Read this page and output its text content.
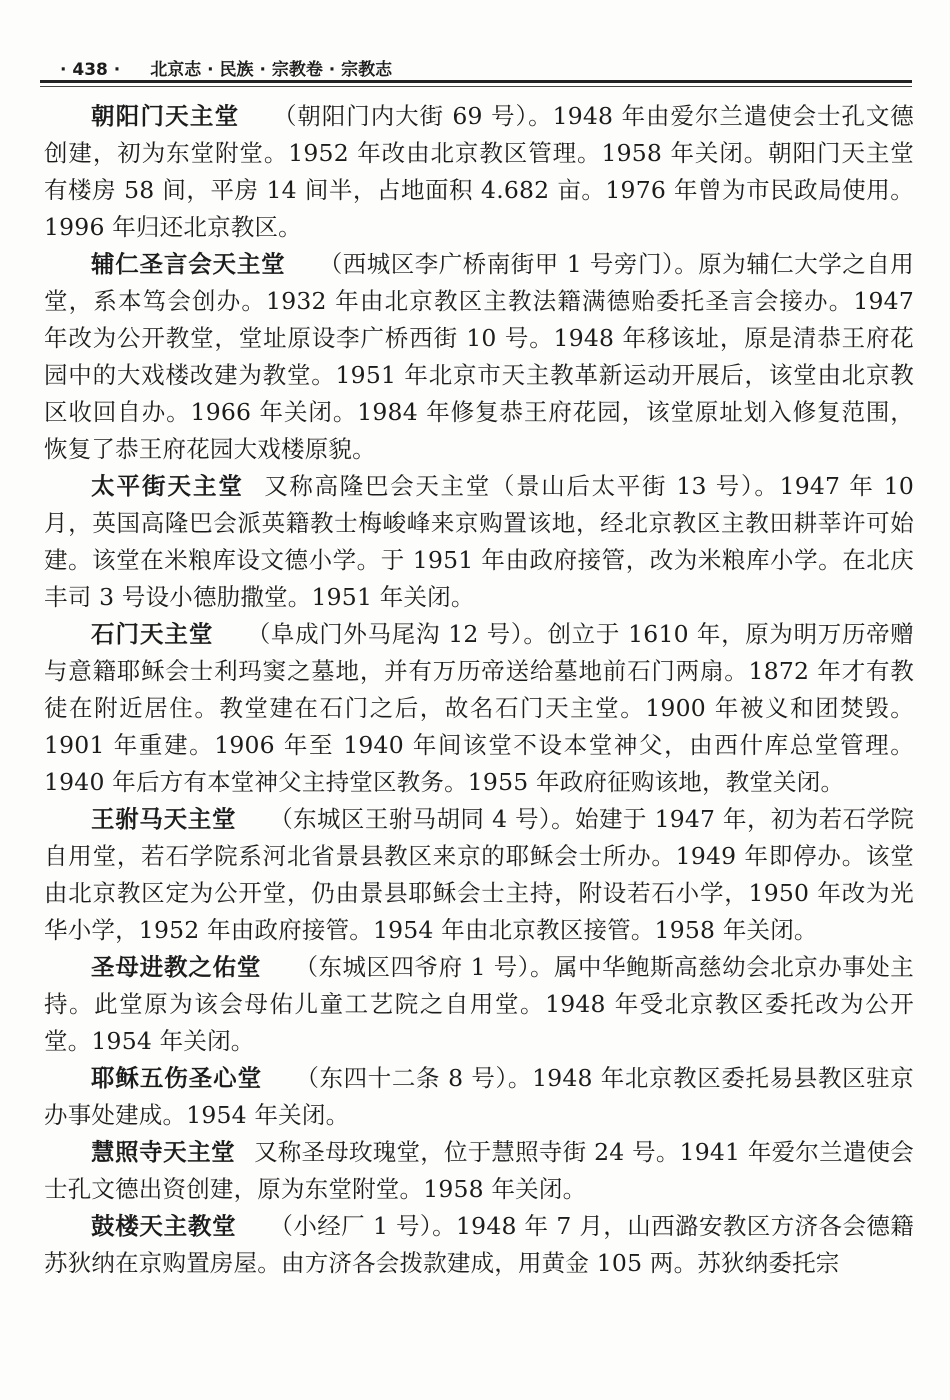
· 438 · 北京志 · 民族 · 宗教卷 · 宗教志

朝阳门天主堂 （朝阳门内大街 69 号）。1948 年由爱尔兰遣使会士孔文德创建，初为东堂附堂。1952 年改由北京教区管理。1958 年关闭。朝阳门天主堂有楼房 58 间，平房 14 间半，占地面积 4.682 亩。1976 年曾为市民政局使用。1996 年归还北京教区。

辅仁圣言会天主堂 （西城区李广桥南街甲 1 号旁门）。原为辅仁大学之自用堂，系本笃会创办。1932 年由北京教区主教法籍满德贻委托圣言会接办。1947 年改为公开教堂，堂址原设李广桥西街 10 号。1948 年移该址，原是清恭王府花园中的大戏楼改建为教堂。1951 年北京市天主教革新运动开展后，该堂由北京教区收回自办。1966 年关闭。1984 年修复恭王府花园，该堂原址划入修复范围，恢复了恭王府花园大戏楼原貌。

太平街天主堂 又称高隆巴会天主堂（景山后太平街 13 号）。1947 年 10 月，英国高隆巴会派英籍教士梅峻峰来京购置该地，经北京教区主教田耕莘许可始建。该堂在米粮库设文德小学。于 1951 年由政府接管，改为米粮库小学。在北庆丰司 3 号设小德肋撒堂。1951 年关闭。

石门天主堂 （阜成门外马尾沟 12 号）。创立于 1610 年，原为明万历帝赠与意籍耶稣会士利玛窦之墓地，并有万历帝送给墓地前石门两扇。1872 年才有教徒在附近居住。教堂建在石门之后，故名石门天主堂。1900 年被义和团焚毁。1901 年重建。1906 年至 1940 年间该堂不设本堂神父，由西什库总堂管理。1940 年后方有本堂神父主持堂区教务。1955 年政府征购该地，教堂关闭。

王驸马天主堂 （东城区王驸马胡同 4 号）。始建于 1947 年，初为若石学院自用堂，若石学院系河北省景县教区来京的耶稣会士所办。1949 年即停办。该堂由北京教区定为公开堂，仍由景县耶稣会士主持，附设若石小学，1950 年改为光华小学，1952 年由政府接管。1954 年由北京教区接管。1958 年关闭。

圣母进教之佑堂 （东城区四爷府 1 号）。属中华鲍斯高慈幼会北京办事处主持。此堂原为该会母佑儿童工艺院之自用堂。1948 年受北京教区委托改为公开堂。1954 年关闭。

耶稣五伤圣心堂 （东四十二条 8 号）。1948 年北京教区委托易县教区驻京办事处建成。1954 年关闭。

慧照寺天主堂 又称圣母玫瑰堂，位于慧照寺街 24 号。1941 年爱尔兰遣使会士孔文德出资创建，原为东堂附堂。1958 年关闭。

鼓楼天主教堂 （小经厂 1 号）。1948 年 7 月，山西潞安教区方济各会德籍苏狄纳在京购置房屋。由方济各会拨款建成，用黄金 105 两。苏狄纳委托宗
